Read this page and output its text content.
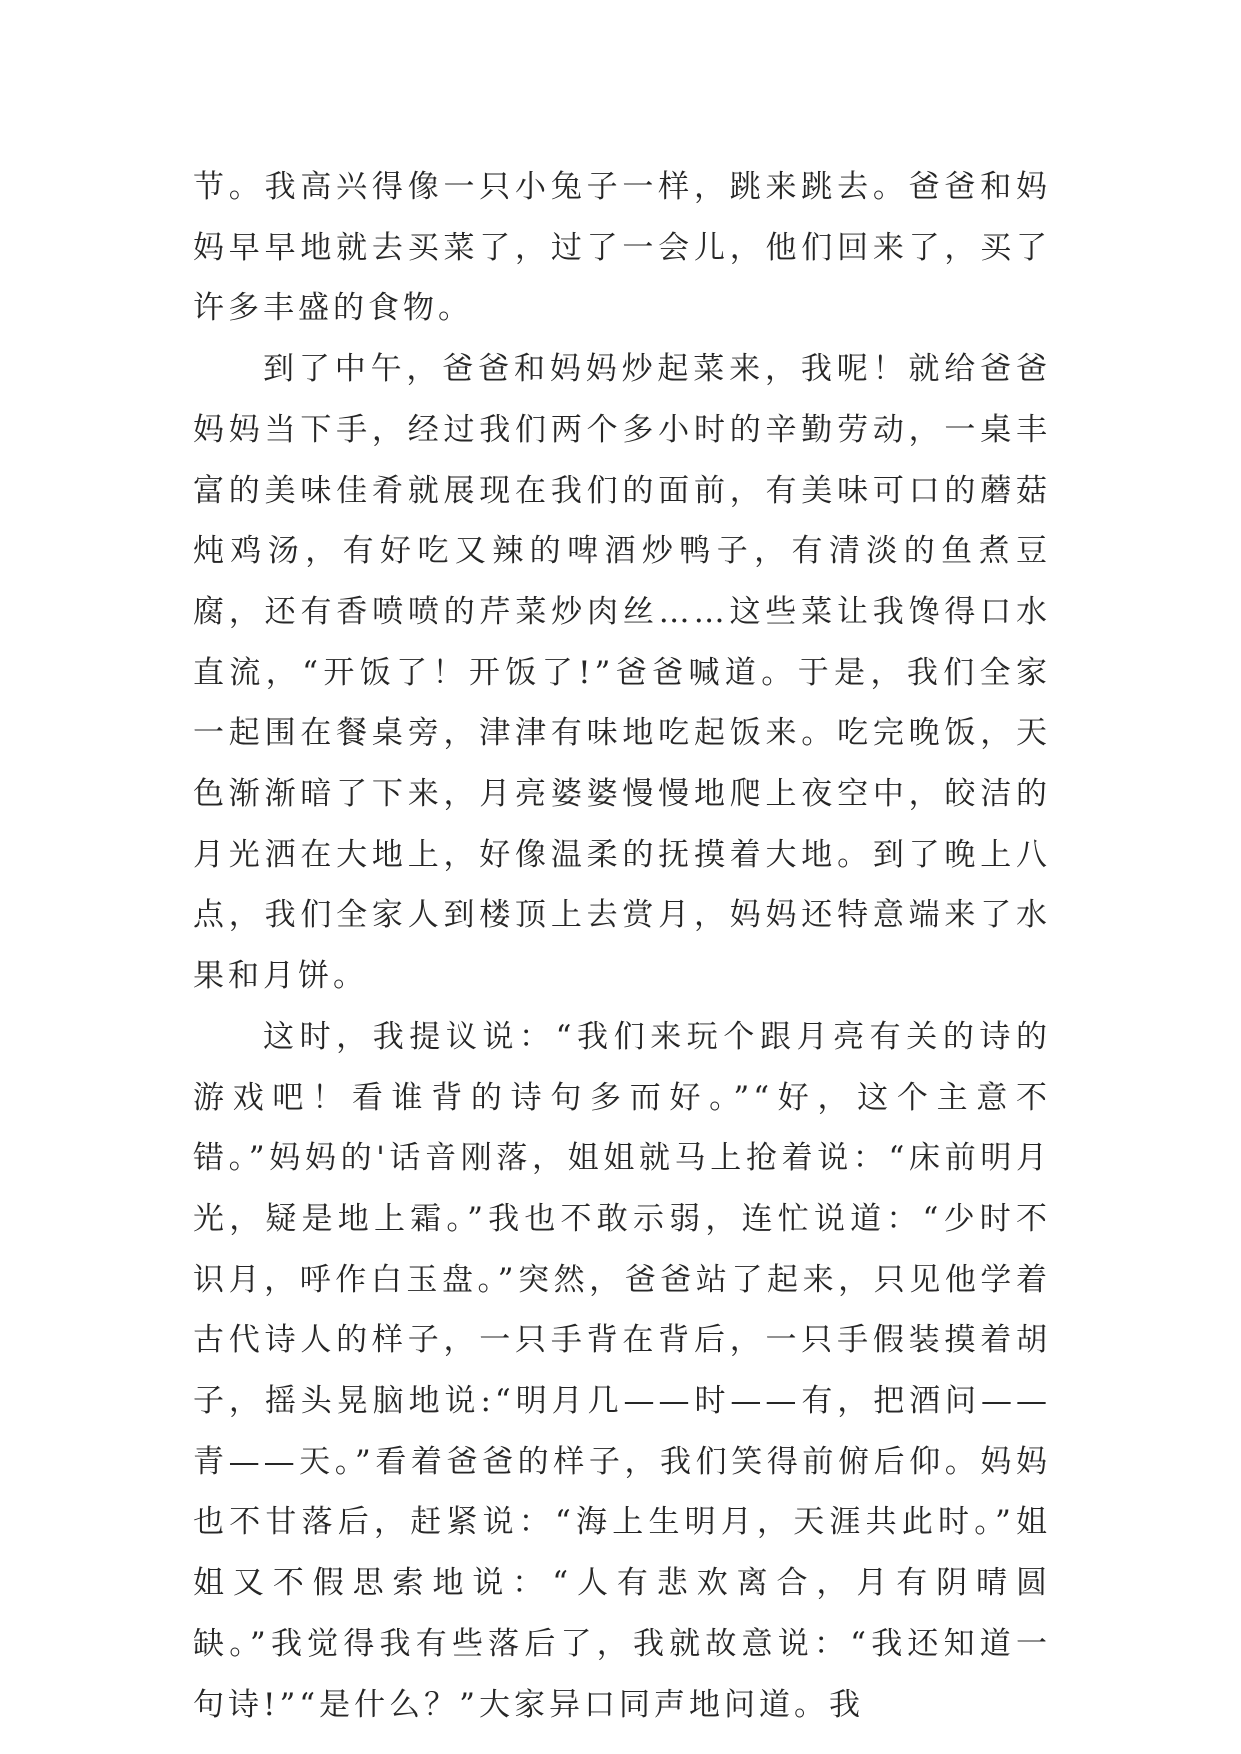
节。我高兴得像一只小兔子一样，跳来跳去。爸爸和妈妈早早地就去买菜了，过了一会儿，他们回来了，买了许多丰盛的食物。

到了中午，爸爸和妈妈炒起菜来，我呢！就给爸爸妈妈当下手，经过我们两个多小时的辛勤劳动，一桌丰富的美味佳肴就展现在我们的面前，有美味可口的蘑菇炖鸡汤，有好吃又辣的啤酒炒鸭子，有清淡的鱼煮豆腐，还有香喷喷的芹菜炒肉丝……这些菜让我馋得口水直流，“开饭了！开饭了!”爸爸喊道。于是，我们全家一起围在餐桌旁，津津有味地吃起饭来。吃完晚饭，天色渐渐暗了下来，月亮婆婆慢慢地爬上夜空中，皎洁的月光洒在大地上，好像温柔的抚摸着大地。到了晚上八点，我们全家人到楼顶上去赏月，妈妈还特意端来了水果和月饼。

这时，我提议说：“我们来玩个跟月亮有关的诗的游戏吧！看谁背的诗句多而好。”“好，这个主意不错。”妈妈的'话音刚落，姐姐就马上抢着说：“床前明月光，疑是地上霜。”我也不敢示弱，连忙说道：“少时不识月，呼作白玉盘。”突然，爸爸站了起来，只见他学着古代诗人的样子，一只手背在背后，一只手假装摸着胡子，摇头晃脑地说:“明月几——时——有，把酒问——青——天。”看着爸爸的样子，我们笑得前俯后仰。妈妈也不甘落后，赶紧说：“海上生明月，天涯共此时。”姐姐又不假思索地说：“人有悲欢离合，月有阴晴圆缺。”我觉得我有些落后了，我就故意说：“我还知道一句诗!”“是什么？”大家异口同声地问道。我
